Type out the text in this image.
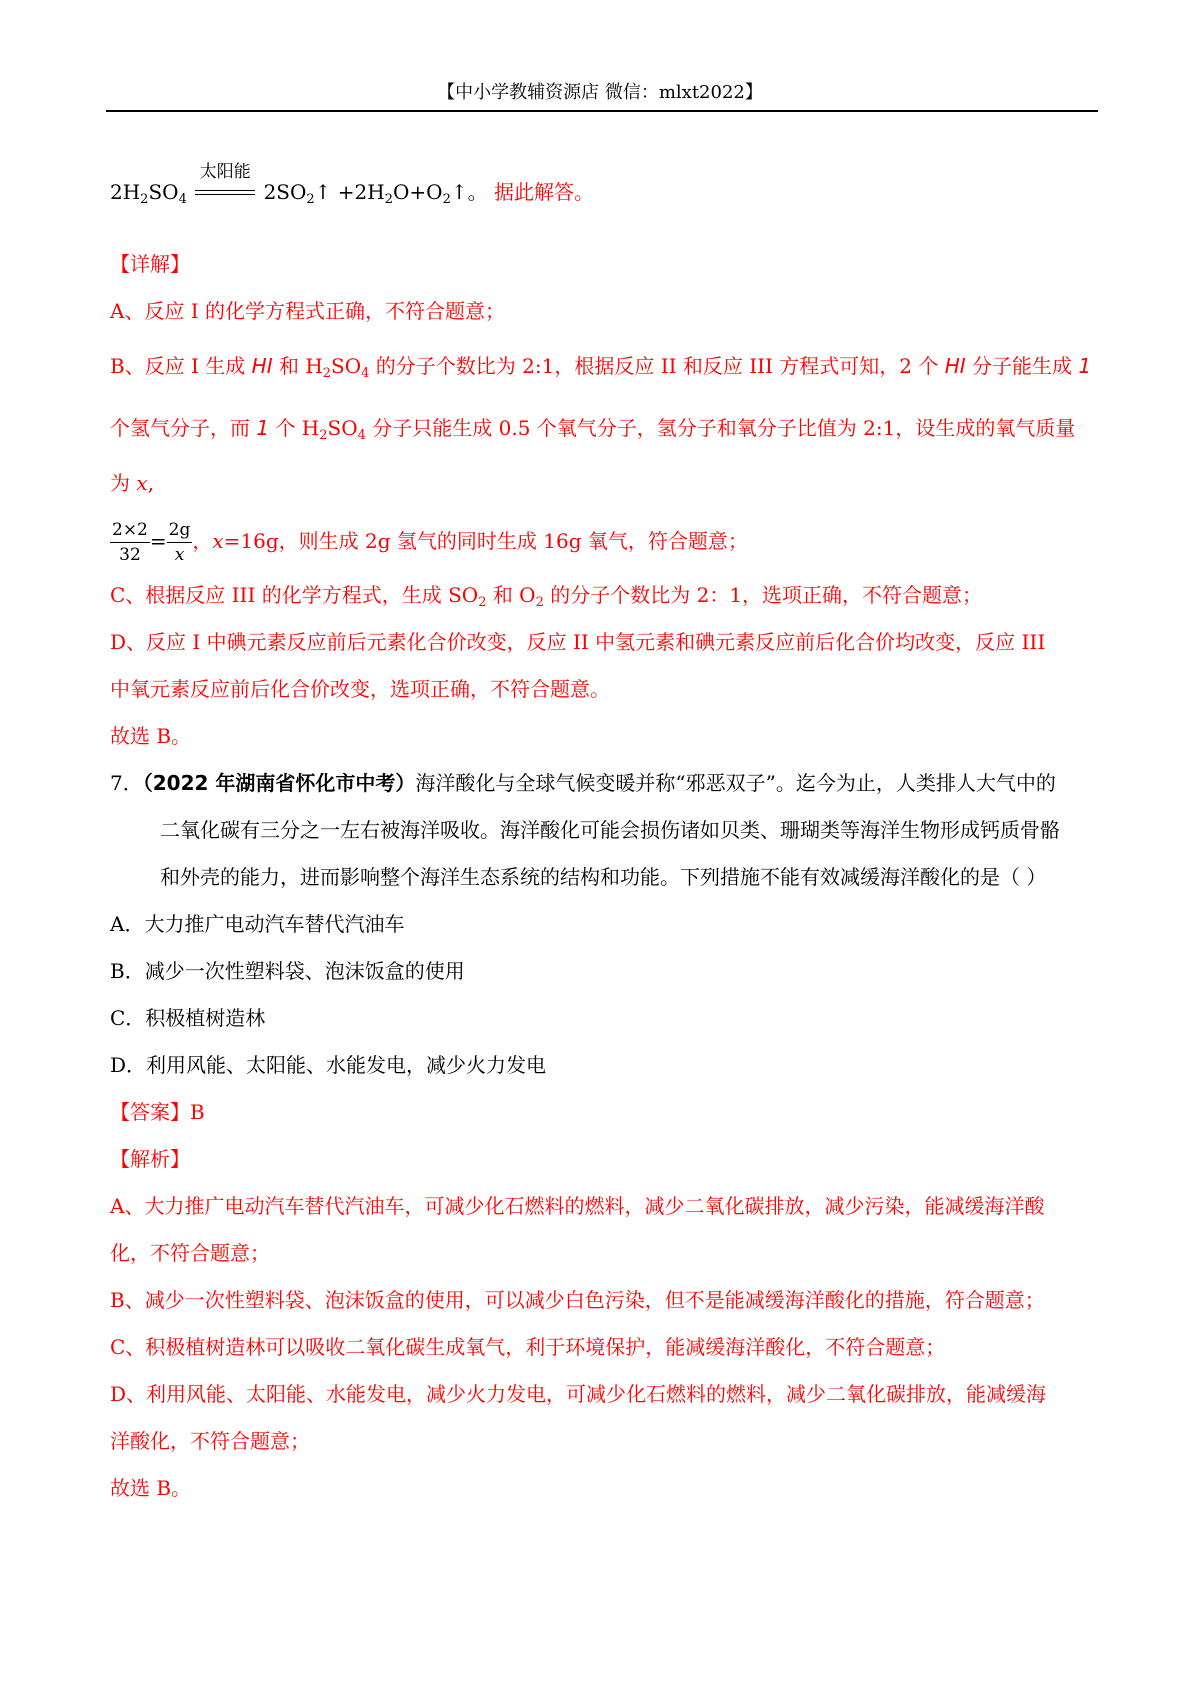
【中小学教辅资源店 微信：mlxt2022】
$2H_2SO_4$
太阳能
$2SO_2↑$ $+2H_2O+O_2↑$。 据此解答。
【详解】
A、反应 I 的化学方程式正确，不符合题意；
B、反应 I 生成 HI 和 $H_2SO_4$ 的分子个数比为 2:1，根据反应 II 和反应 III 方程式可知，2 个 HI 分子能生成 1
个氢气分子，而 1 个 $H_2SO_4$ 分子只能生成 0.5 个氧气分子，氢分子和氧分子比值为 2:1，设生成的氧气质量
为 x,
$\frac{2\times 2}{32} = \frac{2g}{x}$ ，x=16g，则生成 2g 氢气的同时生成 16g 氧气，符合题意；
C、根据反应 III 的化学方程式，生成 $SO_2$ 和 $O_2$ 的分子个数比为 2：1，选项正确，不符合题意；
D、反应 I 中碘元素反应前后元素化合价改变，反应 II 中氢元素和碘元素反应前后化合价均改变，反应 III
中氧元素反应前后化合价改变，选项正确，不符合题意。
故选 B。
7．（2022 年湖南省怀化市中考）海洋酸化与全球气候变暖并称“邪恶双子”。迄今为止，人类排人大气中的
二氧化碳有三分之一左右被海洋吸收。海洋酸化可能会损伤诸如贝类、珊瑚类等海洋生物形成钙质骨骼
和外壳的能力，进而影响整个海洋生态系统的结构和功能。下列措施不能有效减缓海洋酸化的是（ ）
A．大力推广电动汽车替代汽油车
B．减少一次性塑料袋、泡沫饭盒的使用
C．积极植树造林
D．利用风能、太阳能、水能发电，减少火力发电
【答案】B
【解析】
A、大力推广电动汽车替代汽油车，可减少化石燃料的燃料，减少二氧化碳排放，减少污染，能减缓海洋酸
化，不符合题意；
B、减少一次性塑料袋、泡沫饭盒的使用，可以减少白色污染，但不是能减缓海洋酸化的措施，符合题意；
C、积极植树造林可以吸收二氧化碳生成氧气，利于环境保护，能减缓海洋酸化，不符合题意；
D、利用风能、太阳能、水能发电，减少火力发电，可减少化石燃料的燃料，减少二氧化碳排放，能减缓海
洋酸化，不符合题意；
故选 B。
